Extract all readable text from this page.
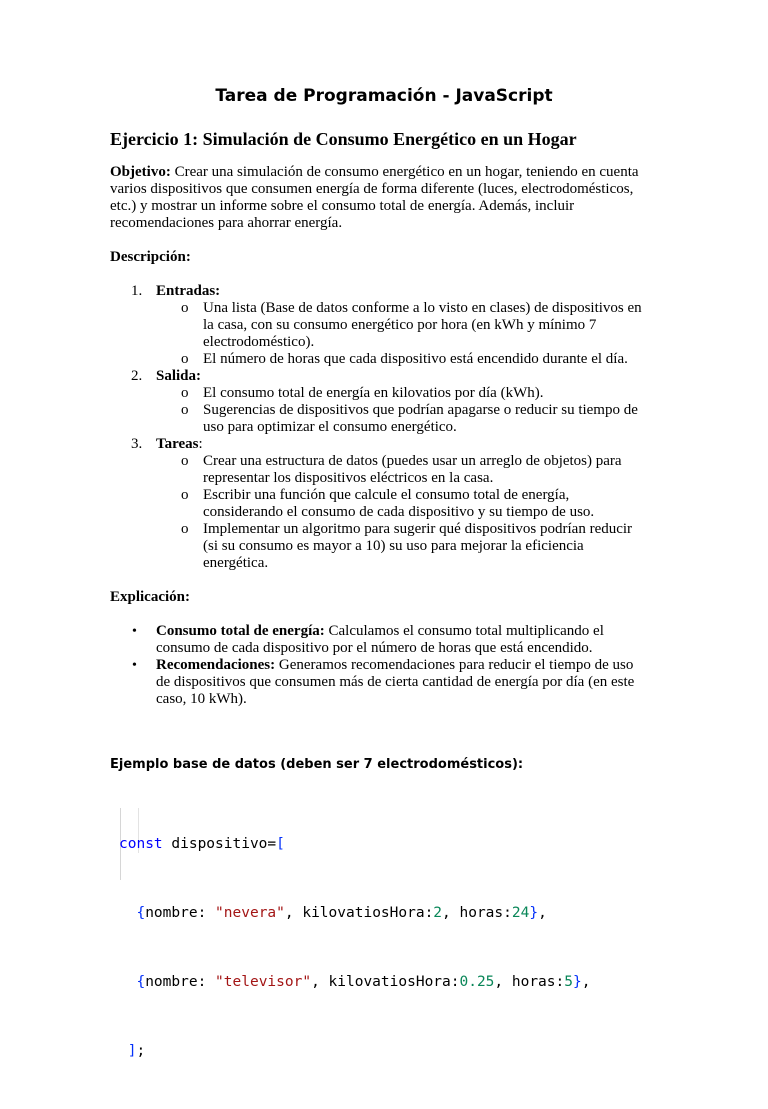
Tarea de Programación - JavaScript
Ejercicio 1: Simulación de Consumo Energético en un Hogar
Objetivo: Crear una simulación de consumo energético en un hogar, teniendo en cuenta
varios dispositivos que consumen energía de forma diferente (luces, electrodomésticos,
etc.) y mostrar un informe sobre el consumo total de energía. Además, incluir
recomendaciones para ahorrar energía.
Descripción:
1. Entradas:
o Una lista (Base de datos conforme a lo visto en clases) de dispositivos en
la casa, con su consumo energético por hora (en kWh y mínimo 7
electrodoméstico).
o El número de horas que cada dispositivo está encendido durante el día.
2. Salida:
o El consumo total de energía en kilovatios por día (kWh).
o Sugerencias de dispositivos que podrían apagarse o reducir su tiempo de
uso para optimizar el consumo energético.
3. Tareas:
o Crear una estructura de datos (puedes usar un arreglo de objetos) para
representar los dispositivos eléctricos en la casa.
o Escribir una función que calcule el consumo total de energía,
considerando el consumo de cada dispositivo y su tiempo de uso.
o Implementar un algoritmo para sugerir qué dispositivos podrían reducir
(si su consumo es mayor a 10) su uso para mejorar la eficiencia
energética.
Explicación:
• Consumo total de energía: Calculamos el consumo total multiplicando el
consumo de cada dispositivo por el número de horas que está encendido.
• Recomendaciones: Generamos recomendaciones para reducir el tiempo de uso
de dispositivos que consumen más de cierta cantidad de energía por día (en este
caso, 10 kWh).
Ejemplo base de datos (deben ser 7 electrodomésticos):

const dispositivo=[

{nombre: "nevera", kilovatiosHora:2, horas:24},

{nombre: "televisor", kilovatiosHora:0.25, horas:5},

];
